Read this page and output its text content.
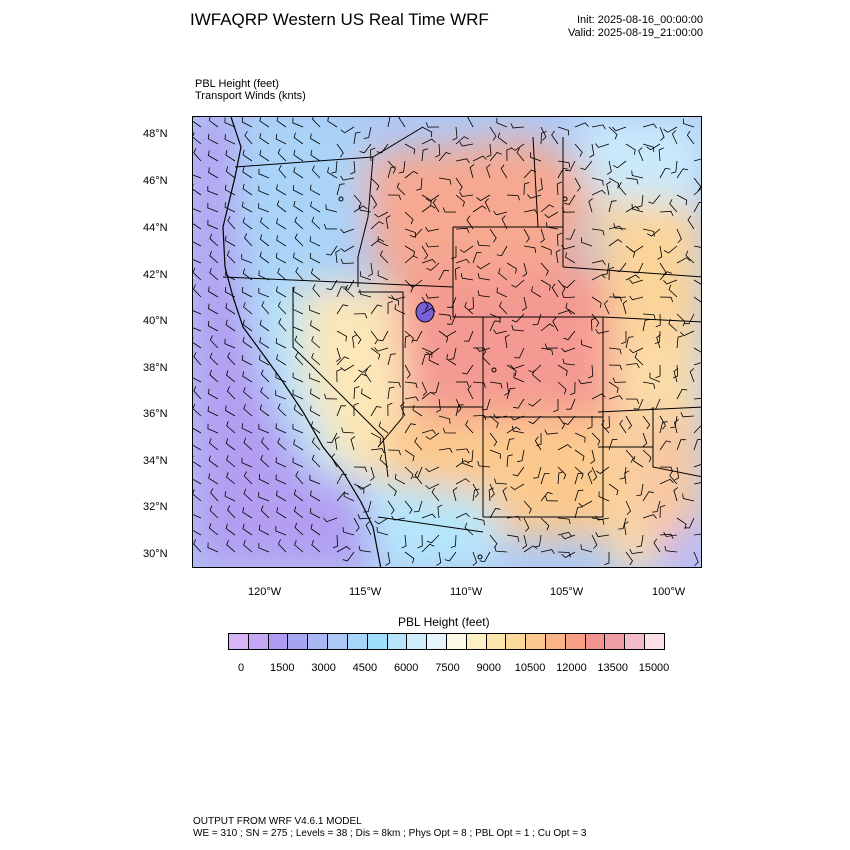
IWFAQRP Western US Real Time WRF	Init: 2025-08-16_00:00:00
Valid: 2025-08-19_21:00:00
PBL Height (feet)
Transport Winds (knts)
48°N
46°N
44°N
42°N
40°N
38°N
36°N
34°N
32°N
30°N
120°W	115°W	110°W	105°W	100°W
PBL Height (feet)
0 1500 3000 4500 6000 7500 9000 10500 12000 13500 15000
OUTPUT FROM WRF V4.6.1 MODEL
WE = 310 ; SN = 275 ; Levels = 38 ; Dis = 8km ; Phys Opt = 8 ; PBL Opt = 1 ; Cu Opt = 3
